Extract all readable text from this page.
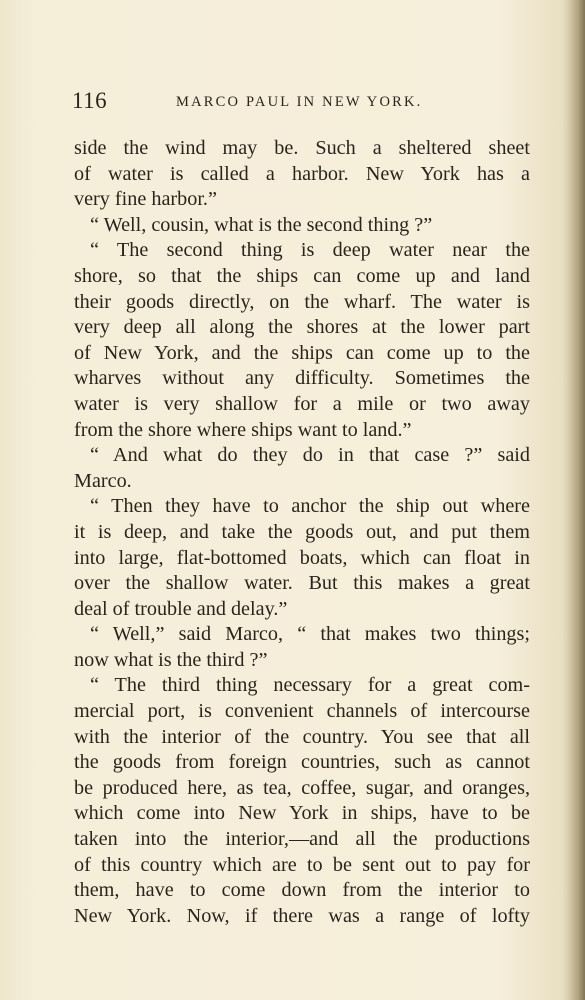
116	MARCO PAUL IN NEW YORK.
side the wind may be. Such a sheltered sheet
of water is called a harbor. New York has a
very fine harbor.”
“ Well, cousin, what is the second thing ?”
“ The second thing is deep water near the
shore, so that the ships can come up and land
their goods directly, on the wharf. The water is
very deep all along the shores at the lower part
of New York, and the ships can come up to the
wharves without any difficulty. Sometimes the
water is very shallow for a mile or two away
from the shore where ships want to land.”
“ And what do they do in that case ?” said
Marco.
“ Then they have to anchor the ship out where
it is deep, and take the goods out, and put them
into large, flat-bottomed boats, which can float in
over the shallow water. But this makes a great
deal of trouble and delay.”
“ Well,” said Marco, “ that makes two things;
now what is the third ?”
“ The third thing necessary for a great com-
mercial port, is convenient channels of intercourse
with the interior of the country. You see that all
the goods from foreign countries, such as cannot
be produced here, as tea, coffee, sugar, and oranges,
which come into New York in ships, have to be
taken into the interior,—and all the productions
of this country which are to be sent out to pay for
them, have to come down from the interior to
New York. Now, if there was a range of lofty
